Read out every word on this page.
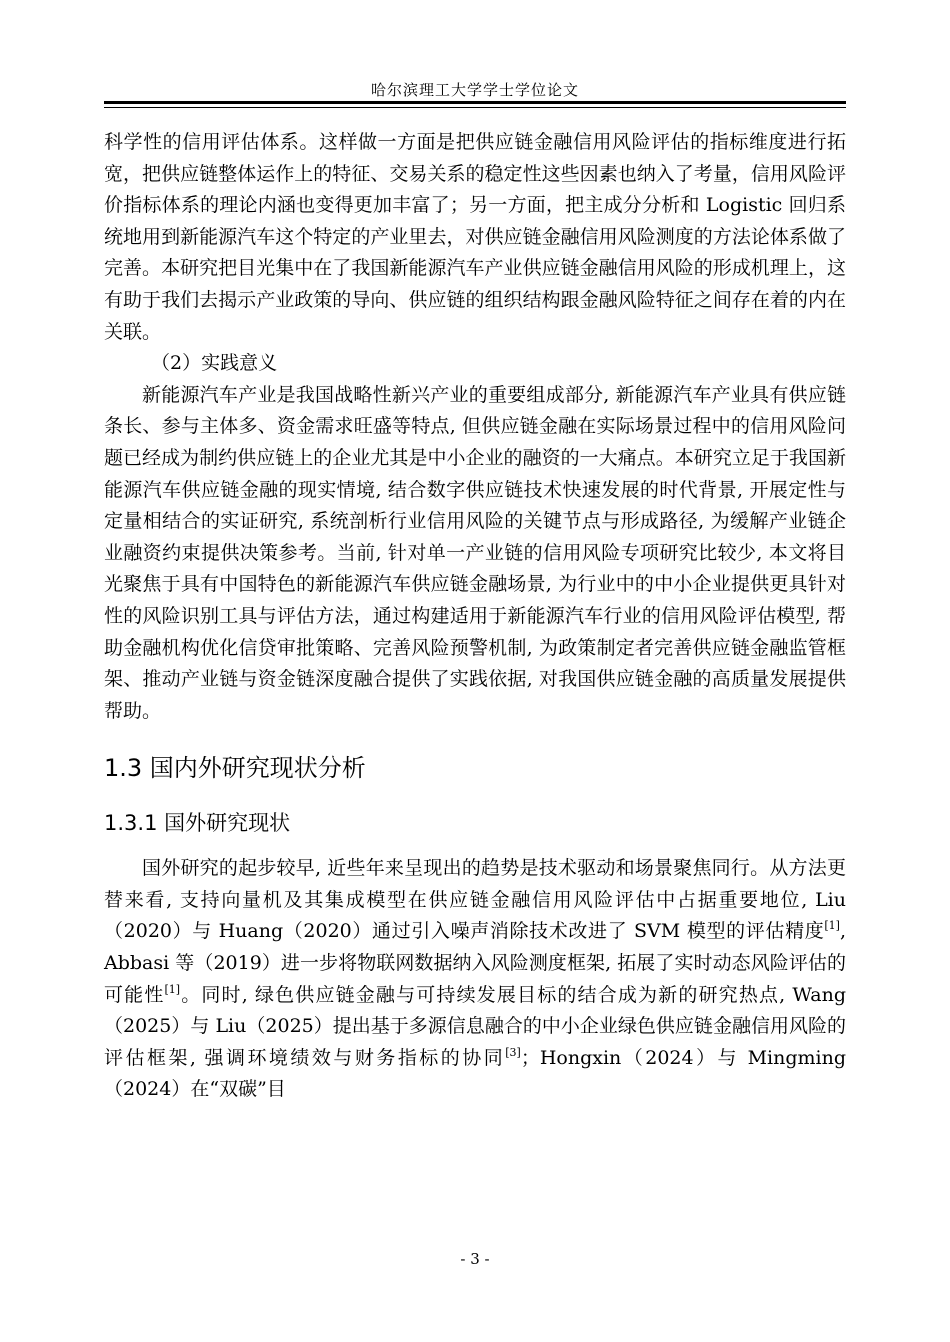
哈尔滨理工大学学士学位论文

科学性的信用评估体系。这样做一方面是把供应链金融信用风险评估的指标维度进行拓宽，把供应链整体运作上的特征、交易关系的稳定性这些因素也纳入了考量，信用风险评价指标体系的理论内涵也变得更加丰富了；另一方面，把主成分分析和 Logistic 回归系统地用到新能源汽车这个特定的产业里去，对供应链金融信用风险测度的方法论体系做了完善。本研究把目光集中在了我国新能源汽车产业供应链金融信用风险的形成机理上，这有助于我们去揭示产业政策的导向、供应链的组织结构跟金融风险特征之间存在着的内在关联。

（2）实践意义

新能源汽车产业是我国战略性新兴产业的重要组成部分, 新能源汽车产业具有供应链条长、参与主体多、资金需求旺盛等特点, 但供应链金融在实际场景过程中的信用风险问题已经成为制约供应链上的企业尤其是中小企业的融资的一大痛点。本研究立足于我国新能源汽车供应链金融的现实情境, 结合数字供应链技术快速发展的时代背景, 开展定性与定量相结合的实证研究, 系统剖析行业信用风险的关键节点与形成路径, 为缓解产业链企业融资约束提供决策参考。当前, 针对单一产业链的信用风险专项研究比较少, 本文将目光聚焦于具有中国特色的新能源汽车供应链金融场景, 为行业中的中小企业提供更具针对性的风险识别工具与评估方法，通过构建适用于新能源汽车行业的信用风险评估模型, 帮助金融机构优化信贷审批策略、完善风险预警机制, 为政策制定者完善供应链金融监管框架、推动产业链与资金链深度融合提供了实践依据, 对我国供应链金融的高质量发展提供帮助。

1.3 国内外研究现状分析
1.3.1 国外研究现状

国外研究的起步较早, 近些年来呈现出的趋势是技术驱动和场景聚焦同行。从方法更替来看, 支持向量机及其集成模型在供应链金融信用风险评估中占据重要地位, Liu（2020）与 Huang（2020）通过引入噪声消除技术改进了 SVM 模型的评估精度[1], Abbasi 等（2019）进一步将物联网数据纳入风险测度框架, 拓展了实时动态风险评估的可能性[1]。同时, 绿色供应链金融与可持续发展目标的结合成为新的研究热点, Wang（2025）与 Liu（2025）提出基于多源信息融合的中小企业绿色供应链金融信用风险的评估框架, 强调环境绩效与财务指标的协同[3]；Hongxin（2024）与 Mingming（2024）在“双碳”目

- 3 -
